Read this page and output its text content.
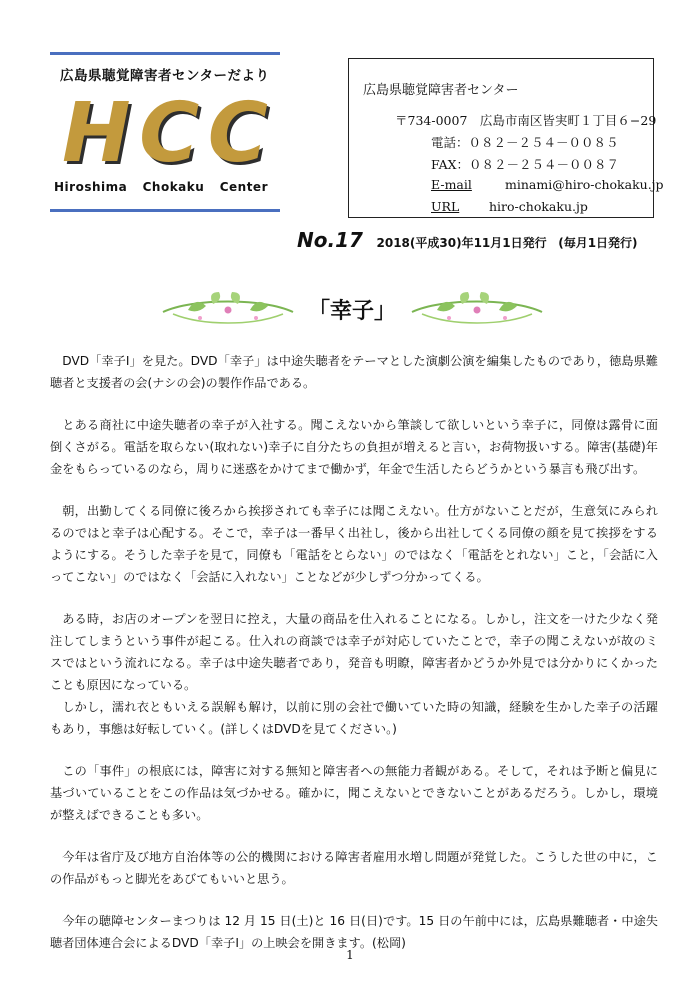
広島県聴覚障害者センターだより
H C C
Hiroshima Chokaku Center
広島県聴覚障害者センター
〒734-0007　広島市南区皆実町１丁目６−29
電話：０８２－２５４－００８５
FAX：０８２－２５４－００８７
E-mail	minami@hiro-chokaku.jp
URL hiro-chokaku.jp
No.17 2018(平成30)年11月1日発行 (毎月1日発行)
「幸子」

DVD「幸子Ⅰ」を見た。DVD「幸子」は中途失聴者をテーマとした演劇公演を編集したものであり，徳島県難聴者と支援者の会(ナシの会)の製作作品である。

とある商社に中途失聴者の幸子が入社する。聞こえないから筆談して欲しいという幸子に，同僚は露骨に面倒くさがる。電話を取らない(取れない)幸子に自分たちの負担が増えると言い，お荷物扱いする。障害(基礎)年金をもらっているのなら，周りに迷惑をかけてまで働かず，年金で生活したらどうかという暴言も飛び出す。

朝，出勤してくる同僚に後ろから挨拶されても幸子には聞こえない。仕方がないことだが，生意気にみられるのではと幸子は心配する。そこで，幸子は一番早く出社し，後から出社してくる同僚の顔を見て挨拶をするようにする。そうした幸子を見て，同僚も「電話をとらない」のではなく「電話をとれない」こと，「会話に入ってこない」のではなく「会話に入れない」ことなどが少しずつ分かってくる。

ある時，お店のオープンを翌日に控え，大量の商品を仕入れることになる。しかし，注文を一けた少なく発注してしまうという事件が起こる。仕入れの商談では幸子が対応していたことで，幸子の聞こえないが故のミスではという流れになる。幸子は中途失聴者であり，発音も明瞭，障害者かどうか外見では分かりにくかったことも原因になっている。

しかし，濡れ衣ともいえる誤解も解け，以前に別の会社で働いていた時の知識，経験を生かした幸子の活躍もあり，事態は好転していく。(詳しくはDVDを見てください。)

この「事件」の根底には，障害に対する無知と障害者への無能力者観がある。そして，それは予断と偏見に基づいていることをこの作品は気づかせる。確かに，聞こえないとできないことがあるだろう。しかし，環境が整えばできることも多い。

今年は省庁及び地方自治体等の公的機関における障害者雇用水増し問題が発覚した。こうした世の中に，この作品がもっと脚光をあびてもいいと思う。

今年の聴障センターまつりは 12 月 15 日(土)と 16 日(日)です。15 日の午前中には，広島県難聴者・中途失聴者団体連合会によるDVD「幸子Ⅰ」の上映会を開きます。(松岡)

1
